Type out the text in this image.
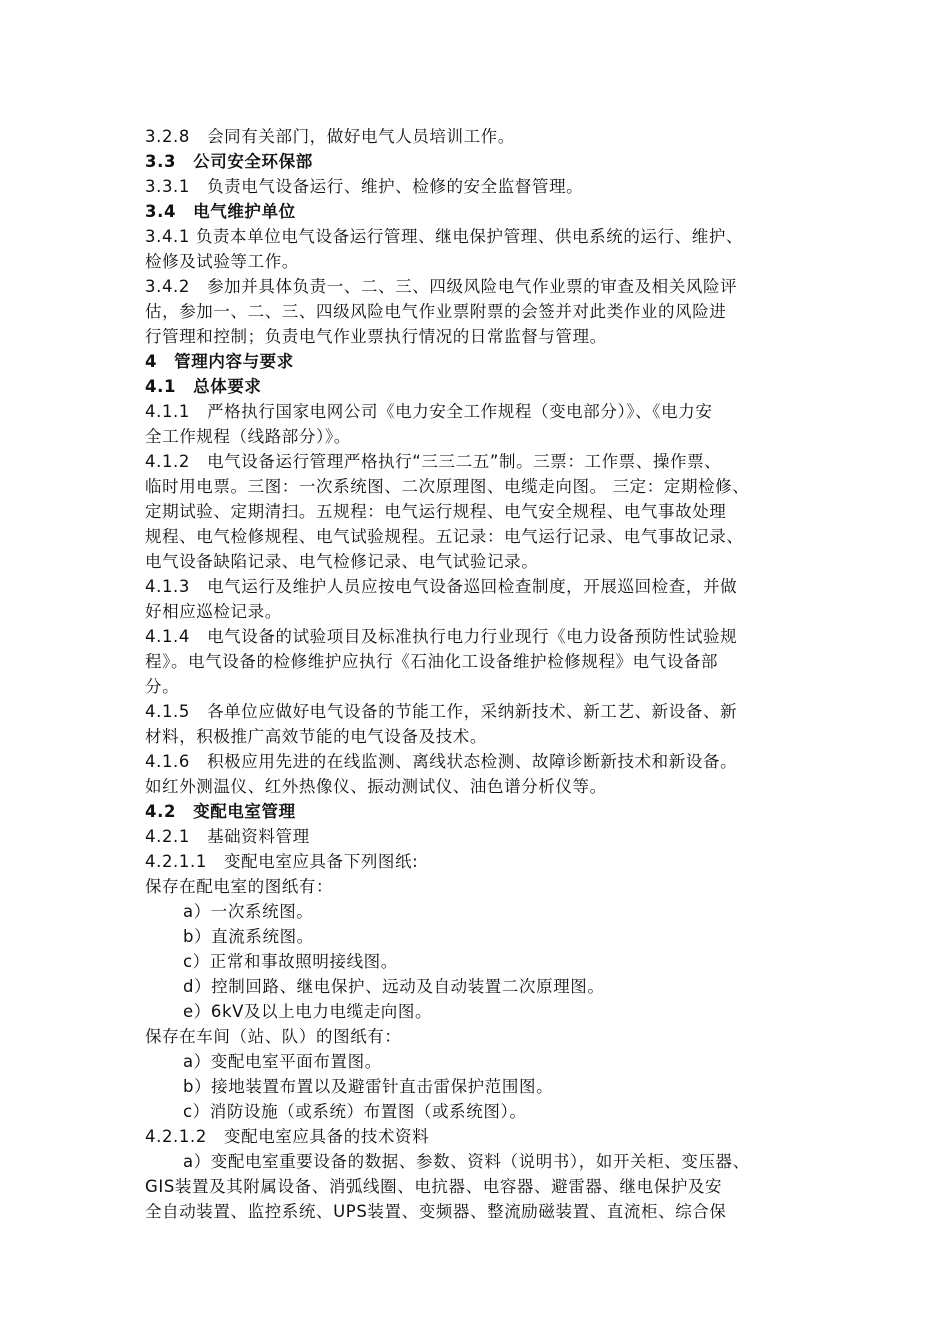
3.2.8　会同有关部门，做好电气人员培训工作。
3.3　公司安全环保部
3.3.1　负责电气设备运行、维护、检修的安全监督管理。
3.4　电气维护单位
3.4.1 负责本单位电气设备运行管理、继电保护管理、供电系统的运行、维护、
检修及试验等工作。
3.4.2　参加并具体负责一、二、三、四级风险电气作业票的审查及相关风险评
估，参加一、二、三、四级风险电气作业票附票的会签并对此类作业的风险进
行管理和控制；负责电气作业票执行情况的日常监督与管理。
4　管理内容与要求
4.1　总体要求
4.1.1　严格执行国家电网公司《电力安全工作规程（变电部分）》、《电力安
全工作规程（线路部分）》。
4.1.2　电气设备运行管理严格执行“三三二五”制。三票：工作票、操作票、
临时用电票。三图：一次系统图、二次原理图、电缆走向图。 三定：定期检修、
定期试验、定期清扫。五规程：电气运行规程、电气安全规程、电气事故处理
规程、电气检修规程、电气试验规程。五记录：电气运行记录、电气事故记录、
电气设备缺陷记录、电气检修记录、电气试验记录。
4.1.3　电气运行及维护人员应按电气设备巡回检查制度，开展巡回检查，并做
好相应巡检记录。
4.1.4　电气设备的试验项目及标准执行电力行业现行《电力设备预防性试验规
程》。电气设备的检修维护应执行《石油化工设备维护检修规程》电气设备部
分。
4.1.5　各单位应做好电气设备的节能工作，采纳新技术、新工艺、新设备、新
材料，积极推广高效节能的电气设备及技术。
4.1.6　积极应用先进的在线监测、离线状态检测、故障诊断新技术和新设备。
如红外测温仪、红外热像仪、振动测试仪、油色谱分析仪等。
4.2　变配电室管理
4.2.1　基础资料管理
4.2.1.1　变配电室应具备下列图纸:
保存在配电室的图纸有：
a）一次系统图。
b）直流系统图。
c）正常和事故照明接线图。
d）控制回路、继电保护、远动及自动装置二次原理图。
e）6kV及以上电力电缆走向图。
保存在车间（站、队）的图纸有：
a）变配电室平面布置图。
b）接地装置布置以及避雷针直击雷保护范围图。
c）消防设施（或系统）布置图（或系统图）。
4.2.1.2　变配电室应具备的技术资料
a）变配电室重要设备的数据、参数、资料（说明书），如开关柜、变压器、
GIS装置及其附属设备、消弧线圈、电抗器、电容器、避雷器、继电保护及安
全自动装置、监控系统、UPS装置、变频器、整流励磁装置、直流柜、综合保
